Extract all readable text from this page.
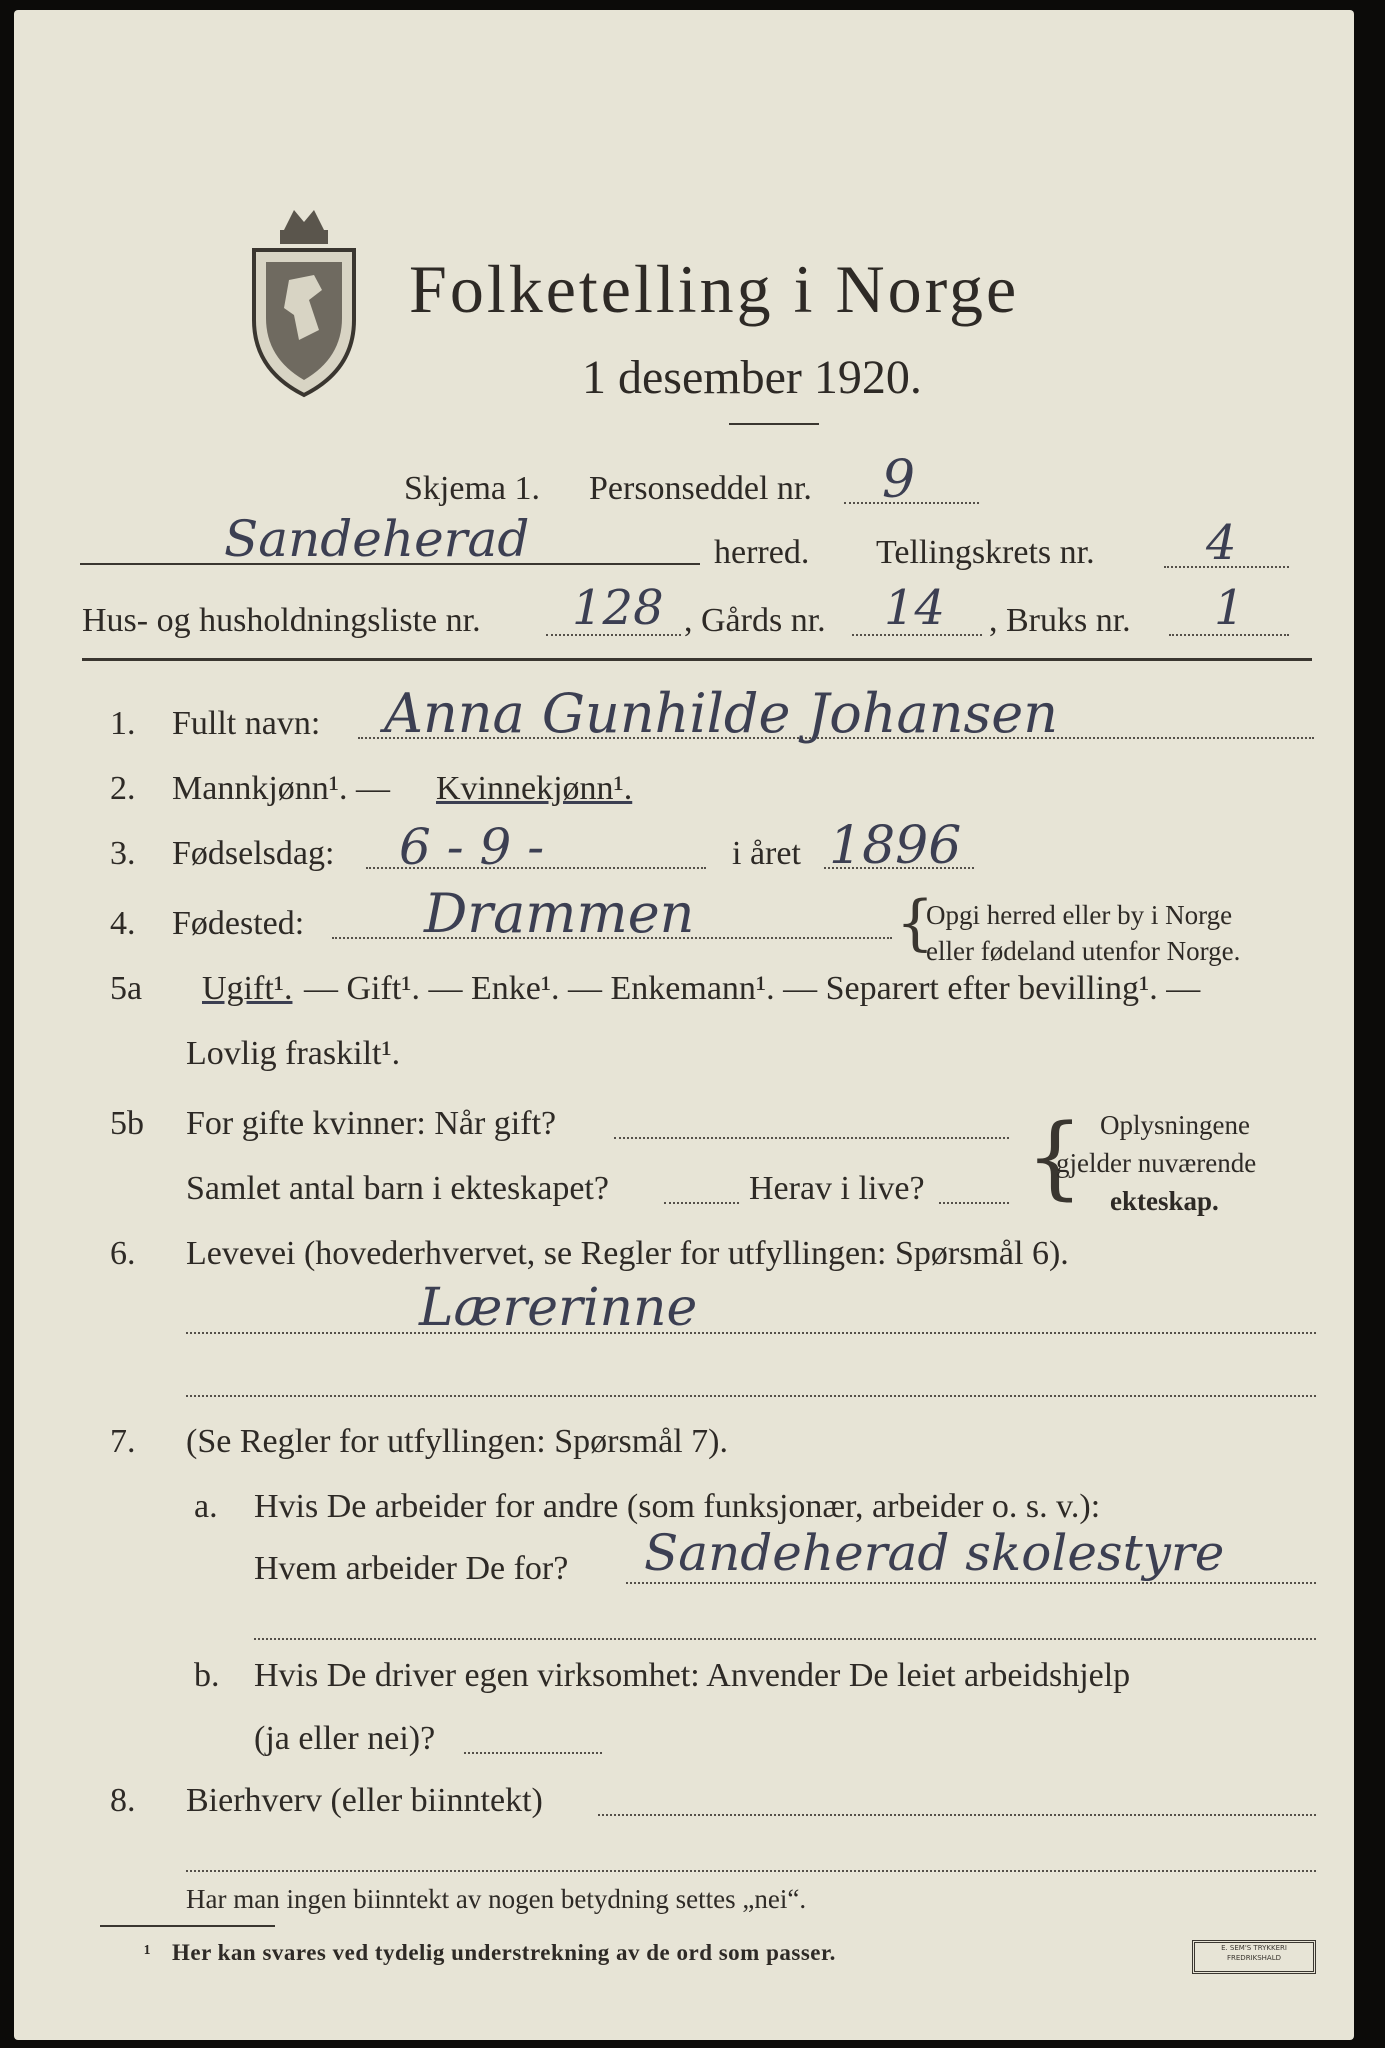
Folketelling i Norge
1 desember 1920.
Skjema 1. Personseddel nr. 9
Sandeherad	herred. Tellingskrets nr. 4
Hus- og husholdningsliste nr. 128 , Gårds nr. 14 , Bruks nr. 1
1. Fullt navn: Anna Gunhilde Johansen
2. Mannkjønn¹. — Kvinnekjønn¹.
3. Fødselsdag: 6 - 9 -	i året 1896
4. Fødested: Drammen	{
Opgi herred eller by i Norge
eller fødeland utenfor Norge.
5a Ugift¹. — Gift¹. — Enke¹. — Enkemann¹. — Separert efter bevilling¹. —
Lovlig fraskilt¹.
5b For gifte kvinner: Når gift?
Samlet antal barn i ekteskapet?	Herav i live? { Oplysningene
gjelder nuværende
ekteskap.
6. Levevei (hovederhvervet, se Regler for utfyllingen: Spørsmål 6).
Lærerinne
7. (Se Regler for utfyllingen: Spørsmål 7).
a. Hvis De arbeider for andre (som funksjonær, arbeider o. s. v.):
Hvem arbeider De for? Sandeherad skolestyre
b. Hvis De driver egen virksomhet: Anvender De leiet arbeidshjelp
(ja eller nei)?
8. Bierhverv (eller biinntekt)
Har man ingen biinntekt av nogen betydning settes „nei“.
¹ Her kan svares ved tydelig understrekning av de ord som passer.	E. SEM'S TRYKKERI FREDRIKSHALD
